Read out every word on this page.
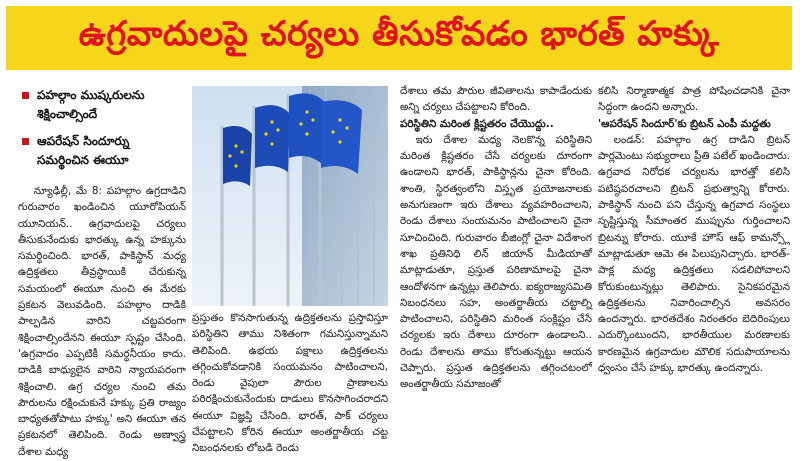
ఉగ్రవాదులపై చర్యలు తీసుకోవడం భారత్ హక్కు
పహల్గాం ముష్కరులను శిక్షించాల్సిందే
ఆపరేషన్ సిందూర్ను సమర్థించిన ఈయూ

న్యూఢిల్లీ, మే 8: పహల్గాం ఉగ్రదాడిని గురువారం ఖండించిన యూరోపియన్ యూనియన్.. ఉగ్రవాదులపై చర్యలు తీసుకునేందుకు భారత్కు ఉన్న హక్కును సమర్థించింది. భారత్, పాకిస్థాన్ మధ్య ఉద్రిక్తతలు తీవ్రస్థాయికి చేరుకున్న సమయంలో ఈయూ నుంచి ఈ మేరకు ప్రకటన వెలువడింది. పహల్గాం దాడికి పాల్పడిన వారిని చట్టపరంగా శిక్షించాల్సిందేనని ఈయూ స్పష్టం చేసింది. 'ఉగ్రవాదం ఎప్పటికీ సమర్థనీయం కాదు. దాడికి బాధ్యులైన వారిని న్యాయపరంగా శిక్షించాలి. ఉగ్ర చర్యల నుంచి తమ పౌరులను రక్షించుకునే హక్కు ప్రతి రాజ్యం బాధ్యతతోపాటు హక్కు' అని ఈయూ తన ప్రకటనలో తెలిపింది. రెండు అణ్వాస్త్ర దేశాల మధ్య

ప్రస్తుతం కొనసాగుతున్న ఉద్రిక్తతలను ప్రస్తావిస్తూ పరిస్థితిని తాము నిశితంగా గమనిస్తున్నామని తెలిపింది. ఉభయ పక్షాలు ఉద్రిక్తతలను తగ్గించుకోవడానికి సంయమనం పాటించాలని, రెండు వైపులా పౌరుల ప్రాణాలను పరిరక్షించుకునేందుకు దాడులు కొనసాగించరాదని ఈయూ విజ్ఞప్తి చేసింది. భారత్, పాక్ చర్యలు చేపట్టాలని కోరిన ఈయూ అంతర్జాతీయ చట్ట నిబంధనలకు లోబడి రెండు

దేశాలు తమ పౌరుల జీవితాలను కాపాడేందుకు అన్ని చర్యలు చేపట్టాలని కోరింది.

పరిస్థితిని మరింత క్లిష్టతరం చేయొద్దు..

ఇరు దేశాల మధ్య నెలకొన్న పరిస్థితిని మరింత క్లిష్టతరం చేసే చర్యలకు దూరంగా ఉండాలని భారత్, పాకిస్థాన్లను చైనా కోరింది. శాంతి, స్థిరత్వంలోని విస్తృత ప్రయోజనాలకు అనుగుణంగా ఇరు దేశాలు వ్యవహరించాలని, రెండు దేశాలు సంయమనం పాటించాలని చైనా సూచించింది. గురువారం బీజింగ్లో చైనా విదేశాంగ శాఖ ప్రతినిధి లిన్ జియాన్ మీడియాతో మాట్లాడుతూ, ప్రస్తుత పరిణామాలపై చైనా ఆందోళనగా ఉన్నట్లు తెలిపారు. ఐక్యరాజ్యసమితి నిబంధనలు సహ, అంతర్జాతీయ చట్టాల్ని పాటించాలని, పరిస్థితిని మరింత సంక్లిష్టం చేసే చర్యలకు ఇరు దేశాలు దూరంగా ఉండాలని.. రెండు దేశాలను తాము కోరుతున్నట్టు ఆయన చెప్పారు. ప్రస్తుత ఉద్రిక్తతలను తగ్గించటంలో అంతర్జాతీయ సమాజంతో

కలిసి నిర్మాణాత్మక పాత్ర పోషించడానికి చైనా సిద్ధంగా ఉందని అన్నారు.

'ఆపరేషన్ సిందూర్'కు బ్రిటన్ ఎంపీ మద్దతు

లండన్: పహల్గాం ఉగ్ర దాడిని బ్రిటన్ పార్లమెంటు సభ్యురాలు ప్రీతి పటేల్ ఖండించారు. ఉగ్రవాద నిరోధక చర్యలను భారత్తో కలిసి పటిష్ఠపరచాలని బ్రిటన్ ప్రభుత్వాన్ని కోరారు. పాకిస్థాన్ నుంచి పని చేస్తున్న ఉగ్రవాద సంస్థలు సృష్టిస్తున్న సీమాంతర ముప్పును గుర్తించాలని బ్రిటన్ను కోరారు. యూకే హౌస్ ఆఫ్ కామన్స్లో మాట్లాడుతూ ఆమె ఈ పిలుపునిచ్చారు. భారత్-పాక్ల మధ్య ఉద్రిక్తతలు సడలిపోవాలని కోరుకుంటున్నట్లు తెలిపారు. సైనికపరమైన ఉద్రిక్తతలను నివారించాల్సిన అవసరం ఉందన్నారు. భారతదేశం నిరంతరం బెదిరింపులు ఎదుర్కొంటుందని, భారతీయుల మరణాలకు కారణమైన ఉగ్రవాదుల మౌలిక సదుపాయాలను ధ్వంసం చేసే హక్కు భారత్కు ఉందన్నారు.
